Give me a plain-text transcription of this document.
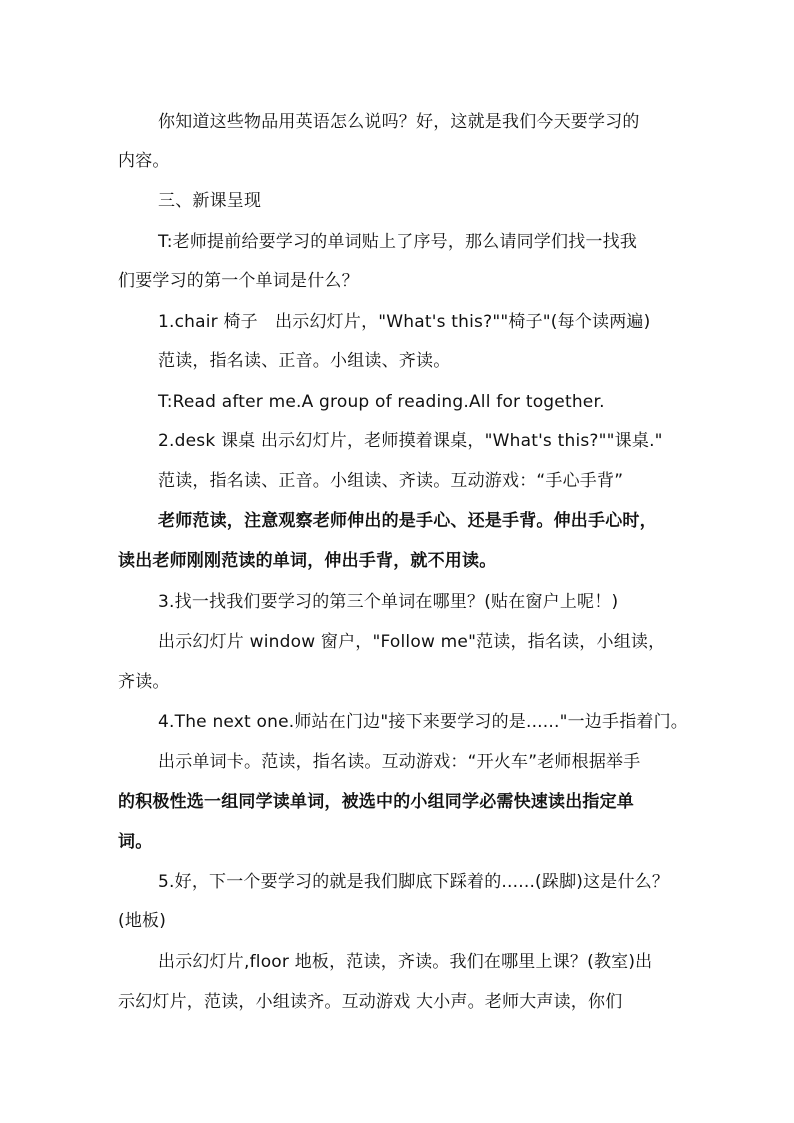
你知道这些物品用英语怎么说吗？好，这就是我们今天要学习的
内容。
三、新课呈现
T:老师提前给要学习的单词贴上了序号，那么请同学们找一找我
们要学习的第一个单词是什么？
1.chair 椅子　出示幻灯片，"What's this?""椅子"(每个读两遍)
范读，指名读、正音。小组读、齐读。
T:Read after me.A group of reading.All for together.
2.desk 课桌 出示幻灯片，老师摸着课桌，"What's this?""课桌."
范读，指名读、正音。小组读、齐读。互动游戏：“手心手背”
老师范读，注意观察老师伸出的是手心、还是手背。伸出手心时，
读出老师刚刚范读的单词，伸出手背，就不用读。
3.找一找我们要学习的第三个单词在哪里？(贴在窗户上呢！)
出示幻灯片 window 窗户，"Follow me"范读，指名读，小组读，
齐读。
4.The next one.师站在门边"接下来要学习的是......"一边手指着门。
出示单词卡。范读，指名读。互动游戏：“开火车”老师根据举手
的积极性选一组同学读单词，被选中的小组同学必需快速读出指定单
词。
5.好，下一个要学习的就是我们脚底下踩着的......(跺脚)这是什么？
(地板)
出示幻灯片,floor 地板，范读，齐读。我们在哪里上课？(教室)出
示幻灯片，范读，小组读齐。互动游戏 大小声。老师大声读，你们
